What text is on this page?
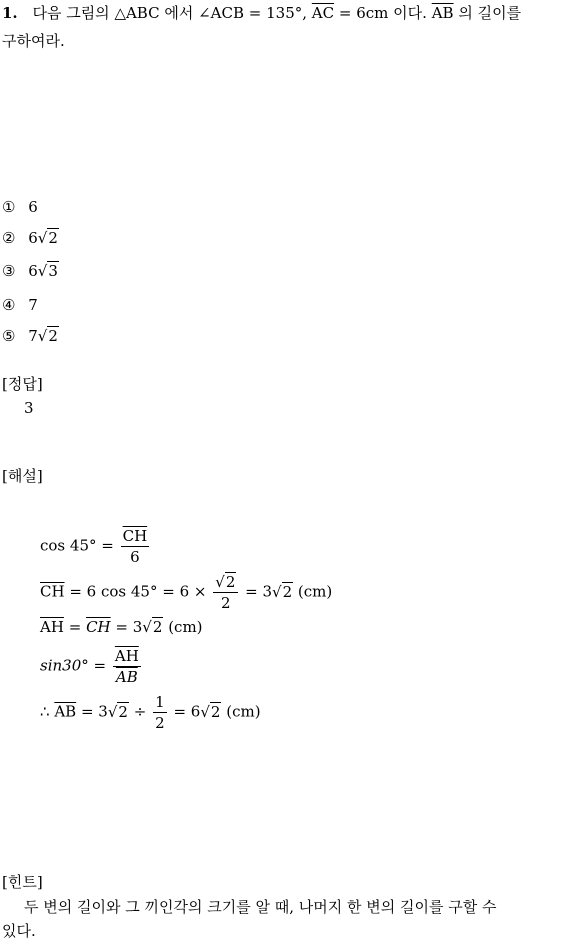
1. 다음 그림의 △ABC 에서 ∠ACB = 135°, $\overline{AC} = 6cm$ 이다. $\overline{AB}$ 의 길이를
구하여라.
① 6
② 6√2
③ 6√3
④ 7
⑤ 7√2
[정답]
3
[해설]
$\cos 45^\circ = \frac{\overline{CH}}{6}$
$\overline{CH} = 6$ $\cos 45^\circ = 6 \times \frac{√2}{2} = 3√2$ (cm)
$\overline{AH} = \overline{CH} = 3√2$ (cm)
$\sin 30^\circ = \frac{\overline{AH}}{AB}$
∴ $\overline{AB} = 3√2 \div \frac{1}{2} = 6√2$ (cm)
[힌트]
두 변의 길이와 그 끼인각의 크기를 알 때, 나머지 한 변의 길이를 구할 수
있다.
